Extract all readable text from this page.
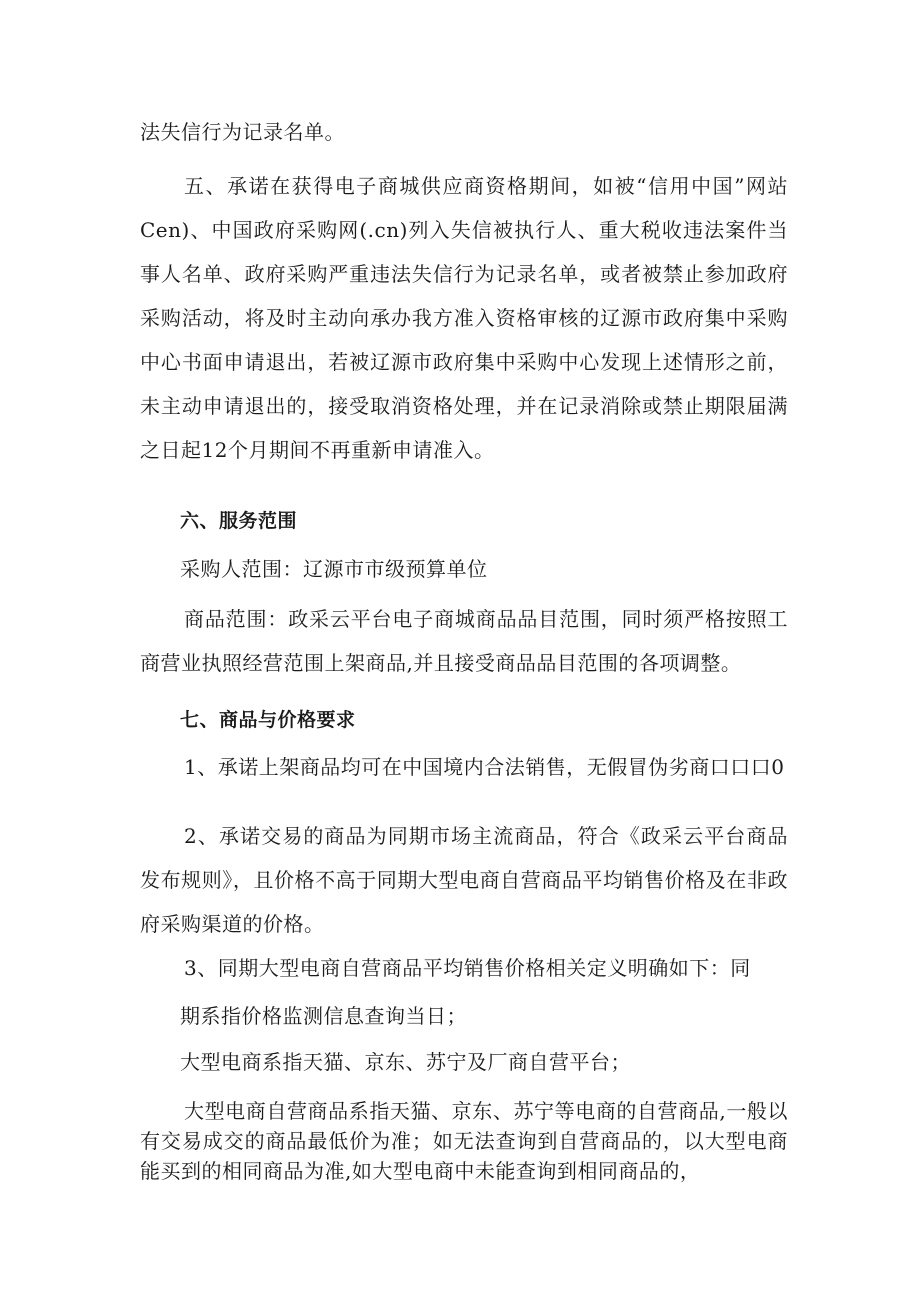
法失信行为记录名单。

五、承诺在获得电子商城供应商资格期间，如被“信用中国”网站Cen)、中国政府采购网(.cn)列入失信被执行人、重大税收违法案件当事人名单、政府采购严重违法失信行为记录名单，或者被禁止参加政府采购活动，将及时主动向承办我方准入资格审核的辽源市政府集中采购中心书面申请退出，若被辽源市政府集中采购中心发现上述情形之前，未主动申请退出的，接受取消资格处理，并在记录消除或禁止期限届满之日起12个月期间不再重新申请准入。

六、服务范围

采购人范围：辽源市市级预算单位

商品范围：政采云平台电子商城商品品目范围，同时须严格按照工商营业执照经营范围上架商品,并且接受商品品目范围的各项调整。

七、商品与价格要求

1、承诺上架商品均可在中国境内合法销售，无假冒伪劣商口口口0

2、承诺交易的商品为同期市场主流商品，符合《政采云平台商品发布规则》，且价格不高于同期大型电商自营商品平均销售价格及在非政府采购渠道的价格。

3、同期大型电商自营商品平均销售价格相关定义明确如下：同

期系指价格监测信息查询当日；

大型电商系指天猫、京东、苏宁及厂商自营平台；

大型电商自营商品系指天猫、京东、苏宁等电商的自营商品,一般以有交易成交的商品最低价为准；如无法查询到自营商品的，以大型电商能买到的相同商品为准,如大型电商中未能查询到相同商品的，
